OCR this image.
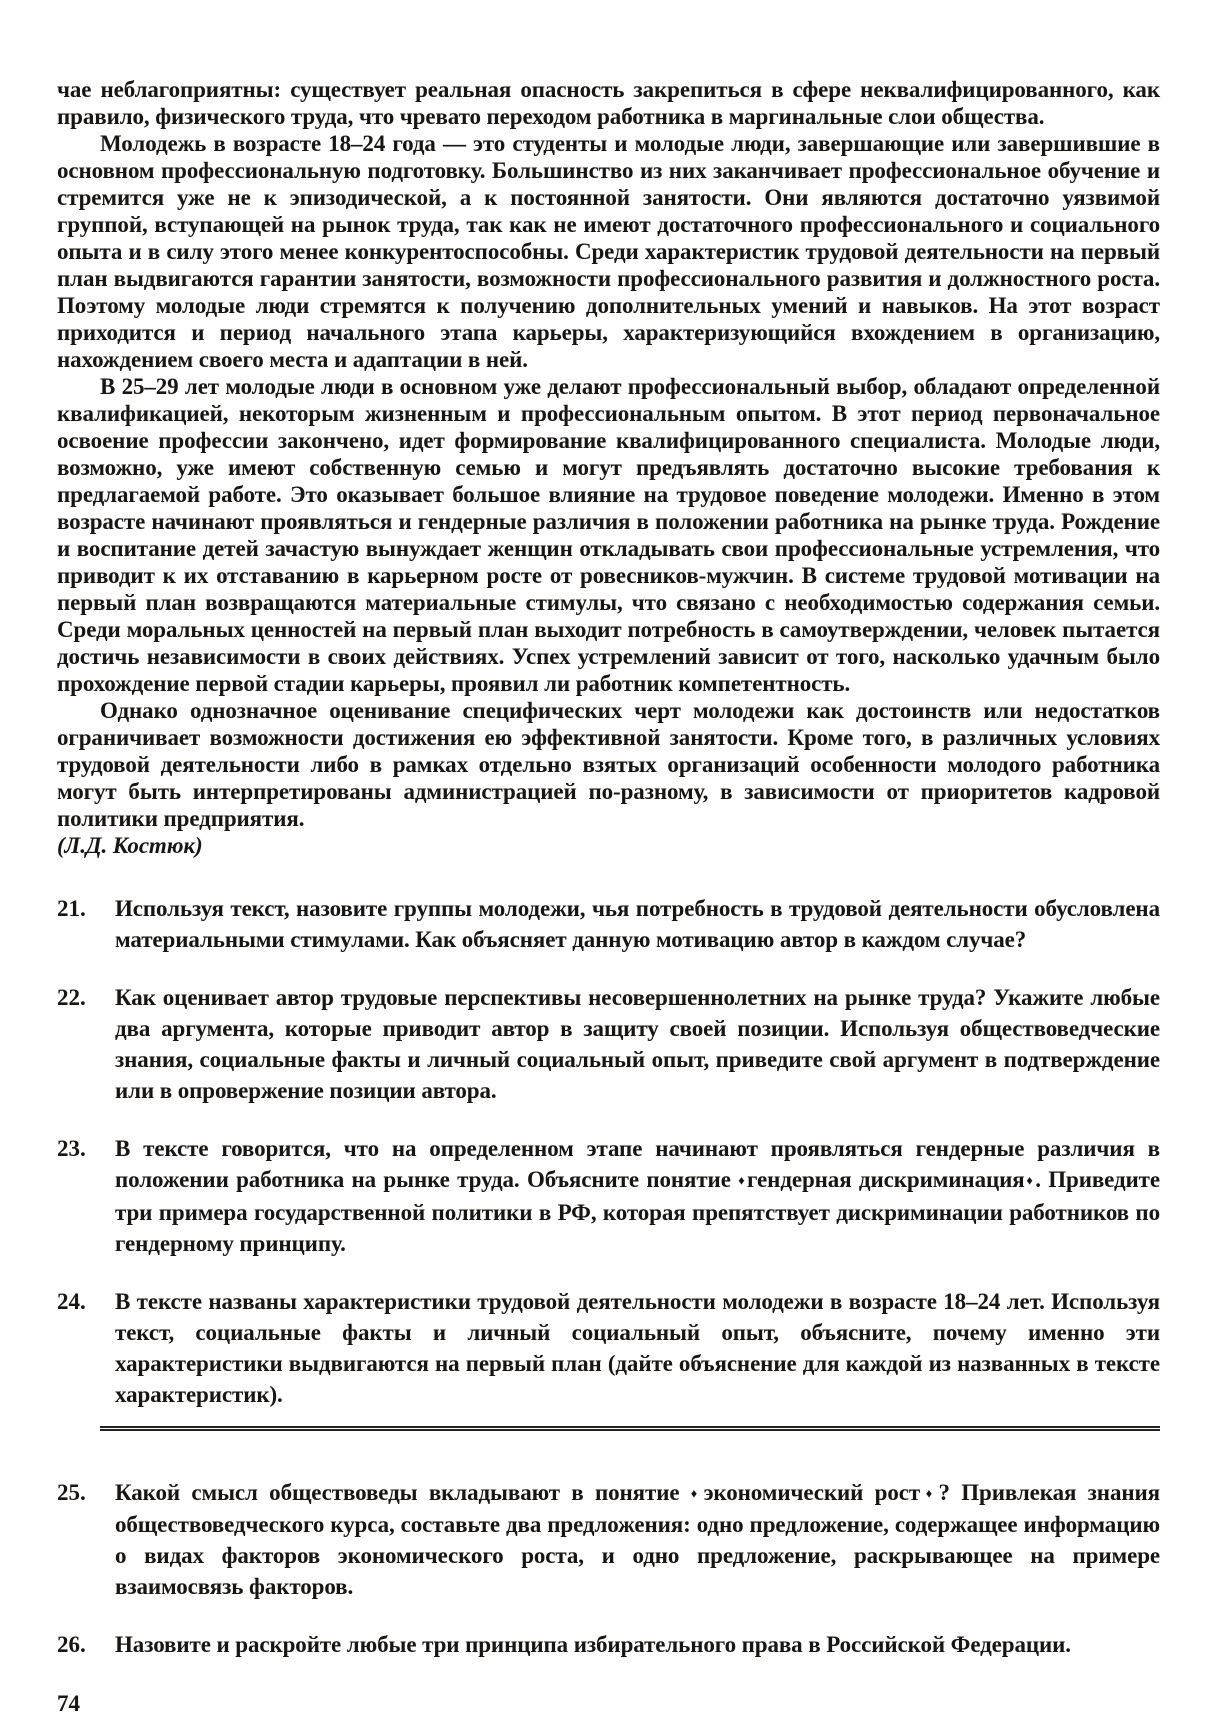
чае неблагоприятны: существует реальная опасность закрепиться в сфере неквалифицированного, как правило, физического труда, что чревато переходом работника в маргинальные слои общества.

Молодежь в возрасте 18–24 года — это студенты и молодые люди, завершающие или завершившие в основном профессиональную подготовку. Большинство из них заканчивает профессиональное обучение и стремится уже не к эпизодической, а к постоянной занятости. Они являются достаточно уязвимой группой, вступающей на рынок труда, так как не имеют достаточного профессионального и социального опыта и в силу этого менее конкурентоспособны. Среди характеристик трудовой деятельности на первый план выдвигаются гарантии занятости, возможности профессионального развития и должностного роста. Поэтому молодые люди стремятся к получению дополнительных умений и навыков. На этот возраст приходится и период начального этапа карьеры, характеризующийся вхождением в организацию, нахождением своего места и адаптации в ней.

В 25–29 лет молодые люди в основном уже делают профессиональный выбор, обладают определенной квалификацией, некоторым жизненным и профессиональным опытом. В этот период первоначальное освоение профессии закончено, идет формирование квалифицированного специалиста. Молодые люди, возможно, уже имеют собственную семью и могут предъявлять достаточно высокие требования к предлагаемой работе. Это оказывает большое влияние на трудовое поведение молодежи. Именно в этом возрасте начинают проявляться и гендерные различия в положении работника на рынке труда. Рождение и воспитание детей зачастую вынуждает женщин откладывать свои профессиональные устремления, что приводит к их отставанию в карьерном росте от ровесников-мужчин. В системе трудовой мотивации на первый план возвращаются материальные стимулы, что связано с необходимостью содержания семьи. Среди моральных ценностей на первый план выходит потребность в самоутверждении, человек пытается достичь независимости в своих действиях. Успех устремлений зависит от того, насколько удачным было прохождение первой стадии карьеры, проявил ли работник компетентность.

Однако однозначное оценивание специфических черт молодежи как достоинств или недостатков ограничивает возможности достижения ею эффективной занятости. Кроме того, в различных условиях трудовой деятельности либо в рамках отдельно взятых организаций особенности молодого работника могут быть интерпретированы администрацией по-разному, в зависимости от приоритетов кадровой политики предприятия.

(Л.Д. Костюк)

21.	Используя текст, назовите группы молодежи, чья потребность в трудовой деятельности обусловлена материальными стимулами. Как объясняет данную мотивацию автор в каждом случае?
22.	Как оценивает автор трудовые перспективы несовершеннолетних на рынке труда? Укажите любые два аргумента, которые приводит автор в защиту своей позиции. Используя обществоведческие знания, социальные факты и личный социальный опыт, приведите свой аргумент в подтверждение или в опровержение позиции автора.
23.	В тексте говорится, что на определенном этапе начинают проявляться гендерные различия в положении работника на рынке труда. Объясните понятие ♦гендерная дискриминация♦. Приведите три примера государственной политики в РФ, которая препятствует дискриминации работников по гендерному принципу.
24.	В тексте названы характеристики трудовой деятельности молодежи в возрасте 18–24 лет. Используя текст, социальные факты и личный социальный опыт, объясните, почему именно эти характеристики выдвигаются на первый план (дайте объяснение для каждой из названных в тексте характеристик).
25.	Какой смысл обществоведы вкладывают в понятие ♦экономический рост♦? Привлекая знания обществоведческого курса, составьте два предложения: одно предложение, содержащее информацию о видах факторов экономического роста, и одно предложение, раскрывающее на примере взаимосвязь факторов.
26.	Назовите и раскройте любые три принципа избирательного права в Российской Федерации.
74
